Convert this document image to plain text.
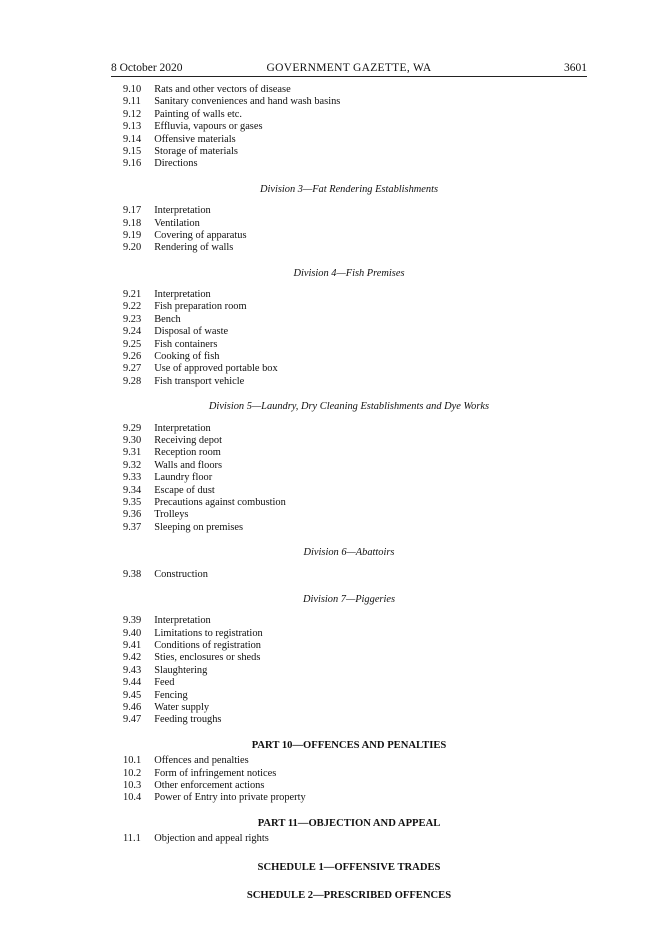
8 October 2020	GOVERNMENT GAZETTE, WA	3601
9.10  Rats and other vectors of disease
9.11  Sanitary conveniences and hand wash basins
9.12  Painting of walls etc.
9.13  Effluvia, vapours or gases
9.14  Offensive materials
9.15  Storage of materials
9.16  Directions
Division 3—Fat Rendering Establishments
9.17  Interpretation
9.18  Ventilation
9.19  Covering of apparatus
9.20  Rendering of walls
Division 4—Fish Premises
9.21  Interpretation
9.22  Fish preparation room
9.23  Bench
9.24  Disposal of waste
9.25  Fish containers
9.26  Cooking of fish
9.27  Use of approved portable box
9.28  Fish transport vehicle
Division 5—Laundry, Dry Cleaning Establishments and Dye Works
9.29  Interpretation
9.30  Receiving depot
9.31  Reception room
9.32  Walls and floors
9.33  Laundry floor
9.34  Escape of dust
9.35  Precautions against combustion
9.36  Trolleys
9.37  Sleeping on premises
Division 6—Abattoirs
9.38  Construction
Division 7—Piggeries
9.39  Interpretation
9.40  Limitations to registration
9.41  Conditions of registration
9.42  Sties, enclosures or sheds
9.43  Slaughtering
9.44  Feed
9.45  Fencing
9.46  Water supply
9.47  Feeding troughs
PART 10—OFFENCES AND PENALTIES
10.1  Offences and penalties
10.2  Form of infringement notices
10.3  Other enforcement actions
10.4  Power of Entry into private property
PART 11—OBJECTION AND APPEAL
11.1  Objection and appeal rights
SCHEDULE 1—OFFENSIVE TRADES
SCHEDULE 2—PRESCRIBED OFFENCES
